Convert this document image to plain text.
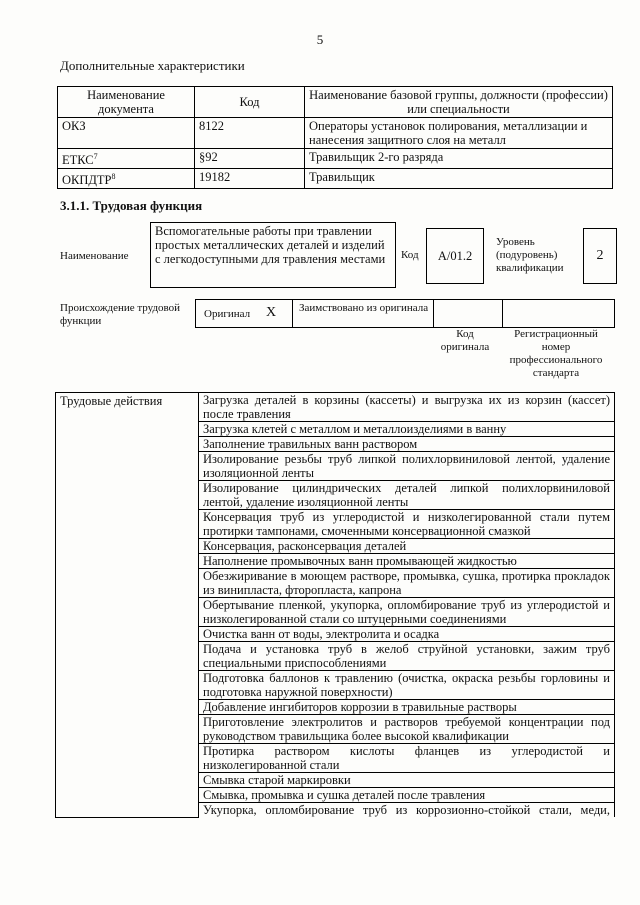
5
Дополнительные характеристики
Наименование документа	Код	Наименование базовой группы, должности (профессии) или специальности
ОКЗ	8122	Операторы установок полирования, металлизации и нанесения защитного слоя на металл
ЕТКС$^7$	§92	Травильщик 2-го разряда
ОКПДТР$^8$	19182	Травильщик
3.1.1. Трудовая функция
Наименование
Вспомогательные работы при травлении простых металлических деталей и изделий с легкодоступными для травления местами	Код A/01.2
Уровень (подуровень) квалификации
2
Происхождение трудовой функции
Оригинал X Заимствовано из оригинала
Код оригинала
Регистрационный номер профессионального стандарта
Трудовые действия	Загрузка деталей в корзины (кассеты) и выгрузка их из корзин (кассет) после травления
Загрузка клетей с металлом и металлоизделиями в ванну
Заполнение травильных ванн раствором
Изолирование резьбы труб липкой полихлорвиниловой лентой, удаление изоляционной ленты
Изолирование цилиндрических деталей липкой полихлорвиниловой лентой, удаление изоляционной ленты
Консервация труб из углеродистой и низколегированной стали путем протирки тампонами, смоченными консервационной смазкой
Консервация, расконсервация деталей
Наполнение промывочных ванн промывающей жидкостью
Обезжиривание в моющем растворе, промывка, сушка, протирка прокладок из винипласта, фторопласта, капрона
Обертывание пленкой, укупорка, опломбирование труб из углеродистой и низколегированной стали со штуцерными соединениями
Очистка ванн от воды, электролита и осадка
Подача и установка труб в желоб струйной установки, зажим труб специальными приспособлениями
Подготовка баллонов к травлению (очистка, окраска резьбы горловины и подготовка наружной поверхности)
Добавление ингибиторов коррозии в травильные растворы
Приготовление электролитов и растворов требуемой концентрации под руководством травильщика более высокой квалификации
Протирка раствором кислоты фланцев из углеродистой и низколегированной стали
Смывка старой маркировки
Смывка, промывка и сушка деталей после травления
Укупорка, опломбирование труб из коррозионно-стойкой стали, меди,
